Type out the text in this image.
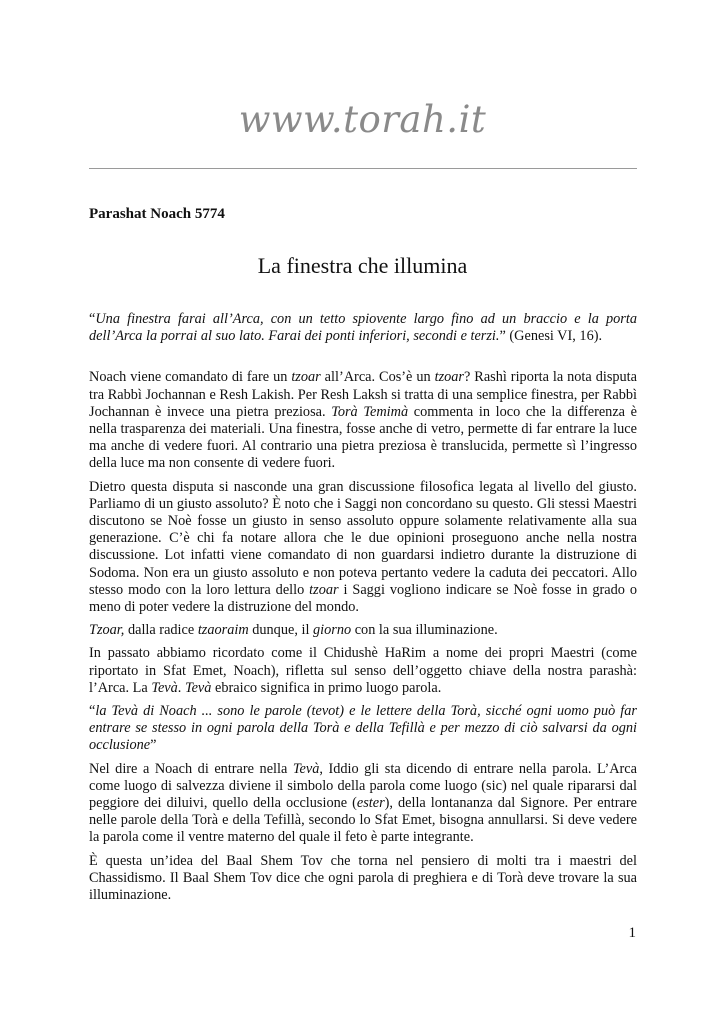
www.torah.it
Parashat Noach 5774
La finestra che illumina

“Una finestra farai all’Arca, con un tetto spiovente largo fino ad un braccio e la porta dell’Arca la porrai al suo lato. Farai dei ponti inferiori, secondi e terzi.” (Genesi VI, 16).

Noach viene comandato di fare un tzoar all’Arca. Cos’è un tzoar? Rashì riporta la nota disputa tra Rabbì Jochannan e Resh Lakish. Per Resh Laksh si tratta di una semplice finestra, per Rabbì Jochannan è invece una pietra preziosa. Torà Temimà commenta in loco che la differenza è nella trasparenza dei materiali. Una finestra, fosse anche di vetro, permette di far entrare la luce ma anche di vedere fuori. Al contrario una pietra preziosa è translucida, permette sì l’ingresso della luce ma non consente di vedere fuori.

Dietro questa disputa si nasconde una gran discussione filosofica legata al livello del giusto. Parliamo di un giusto assoluto? È noto che i Saggi non concordano su questo. Gli stessi Maestri discutono se Noè fosse un giusto in senso assoluto oppure solamente relativamente alla sua generazione. C’è chi fa notare allora che le due opinioni proseguono anche nella nostra discussione. Lot infatti viene comandato di non guardarsi indietro durante la distruzione di Sodoma. Non era un giusto assoluto e non poteva pertanto vedere la caduta dei peccatori. Allo stesso modo con la loro lettura dello tzoar i Saggi vogliono indicare se Noè fosse in grado o meno di poter vedere la distruzione del mondo.

Tzoar, dalla radice tzaoraim dunque, il giorno con la sua illuminazione.

In passato abbiamo ricordato come il Chidushè HaRim a nome dei propri Maestri (come riportato in Sfat Emet, Noach), rifletta sul senso dell’oggetto chiave della nostra parashà: l’Arca. La Tevà. Tevà ebraico significa in primo luogo parola.

“la Tevà di Noach ... sono le parole (tevot) e le lettere della Torà, sicché ogni uomo può far entrare se stesso in ogni parola della Torà e della Tefillà e per mezzo di ciò salvarsi da ogni occlusione”

Nel dire a Noach di entrare nella Tevà, Iddio gli sta dicendo di entrare nella parola. L’Arca come luogo di salvezza diviene il simbolo della parola come luogo (sic) nel quale ripararsi dal peggiore dei diluivi, quello della occlusione (ester), della lontananza dal Signore. Per entrare nelle parole della Torà e della Tefillà, secondo lo Sfat Emet, bisogna annullarsi. Si deve vedere la parola come il ventre materno del quale il feto è parte integrante.

È questa un’idea del Baal Shem Tov che torna nel pensiero di molti tra i maestri del Chassidismo. Il Baal Shem Tov dice che ogni parola di preghiera e di Torà deve trovare la sua illuminazione.

1
